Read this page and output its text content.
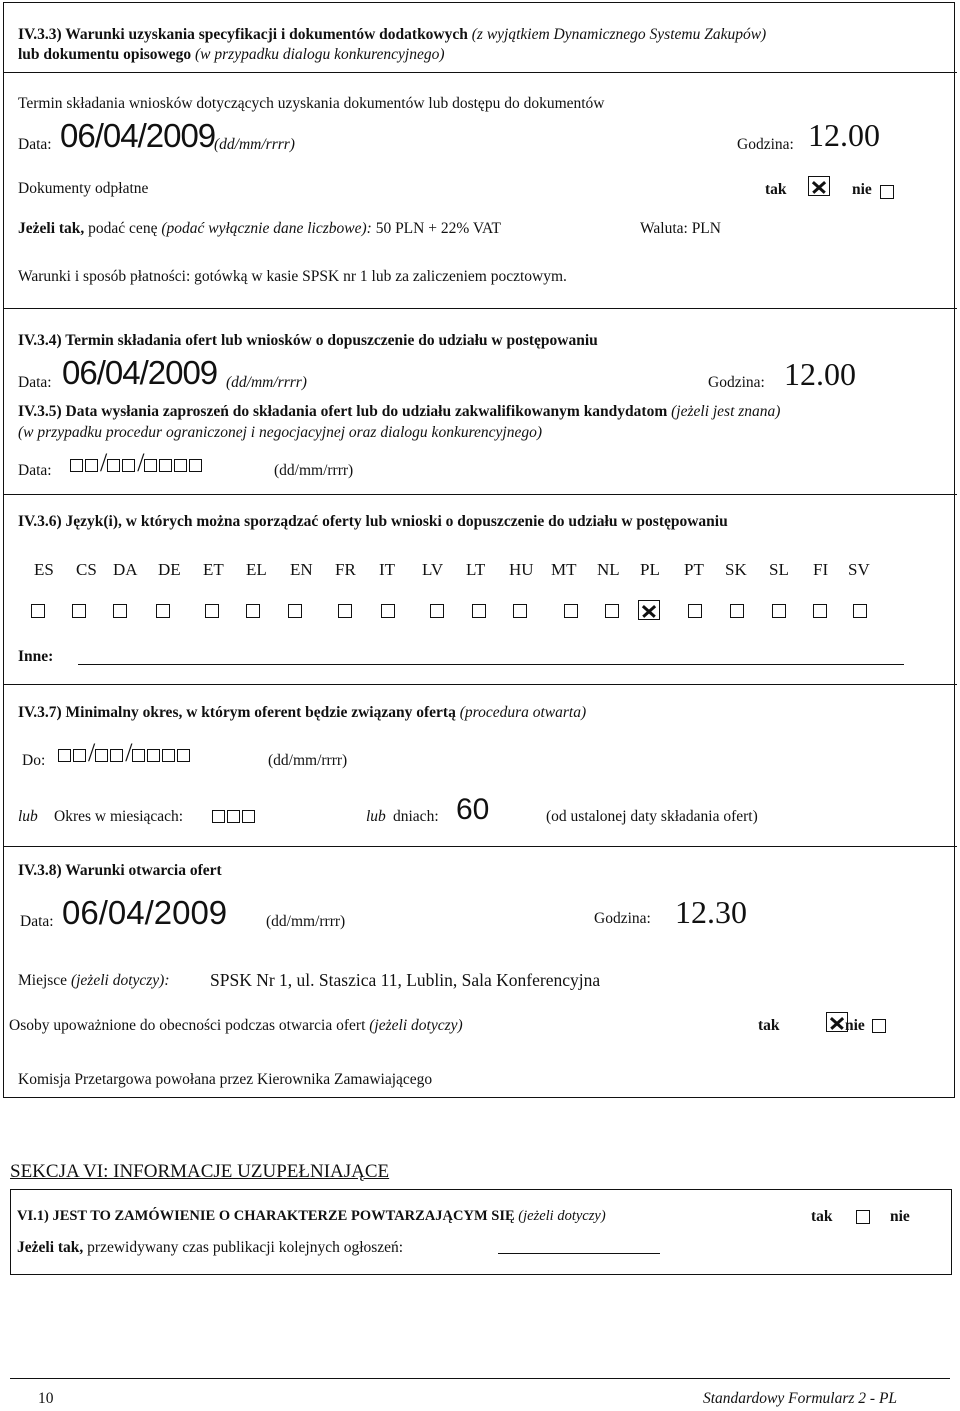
IV.3.3) Warunki uzyskania specyfikacji i dokumentów dodatkowych (z wyjątkiem Dynamicznego Systemu Zakupów)
lub dokumentu opisowego (w przypadku dialogu konkurencyjnego)
Termin składania wniosków dotyczących uzyskania dokumentów lub dostępu do dokumentów
Data: 06/04/2009
(dd/mm/rrrr)	Godzina: 12.00
Dokumenty odpłatne	tak
	nie
Jeżeli tak, podać cenę (podać wyłącznie dane liczbowe): 50 PLN + 22% VAT	Waluta: PLN
Warunki i sposób płatności: gotówką w kasie SPSK nr 1 lub za zaliczeniem pocztowym.
IV.3.4) Termin składania ofert lub wniosków o dopuszczenie do udziału w postępowaniu
Data: 06/04/2009 (dd/mm/rrrr)	Godzina: 12.00
IV.3.5) Data wysłania zaproszeń do składania ofert lub do udziału zakwalifikowanym kandydatom (jeżeli jest znana)
(w przypadku procedur ograniczonej i negocjacyjnej oraz dialogu konkurencyjnego)
Data:	/ /	(dd/mm/rrrr)
IV.3.6) Język(i), w których można sporządzać oferty lub wnioski o dopuszczenie do udziału w postępowaniu
ES CS DA DE ET EL EN FR IT LV LT HU MT NL PL PT SK SL FI SV
Inne:
IV.3.7) Minimalny okres, w którym oferent będzie związany ofertą (procedura otwarta)
Do:	/ /	(dd/mm/rrrr)
lub Okres w miesiącach:	lub dniach: 60	(od ustalonej daty składania ofert)
IV.3.8) Warunki otwarcia ofert
Data: 06/04/2009	(dd/mm/rrrr)	Godzina: 12.30
Miejsce (jeżeli dotyczy): SPSK Nr 1, ul. Staszica 11, Lublin, Sala Konferencyjna
Osoby upoważnione do obecności podczas otwarcia ofert (jeżeli dotyczy)	tak
	nie
Komisja Przetargowa powołana przez Kierownika Zamawiającego
SEKCJA VI: INFORMACJE UZUPEŁNIAJĄCE
VI.1) JEST TO ZAMÓWIENIE O CHARAKTERZE POWTARZAJĄCYM SIĘ (jeżeli dotyczy)	tak	nie
Jeżeli tak, przewidywany czas publikacji kolejnych ogłoszeń:
10	Standardowy Formularz 2 - PL
